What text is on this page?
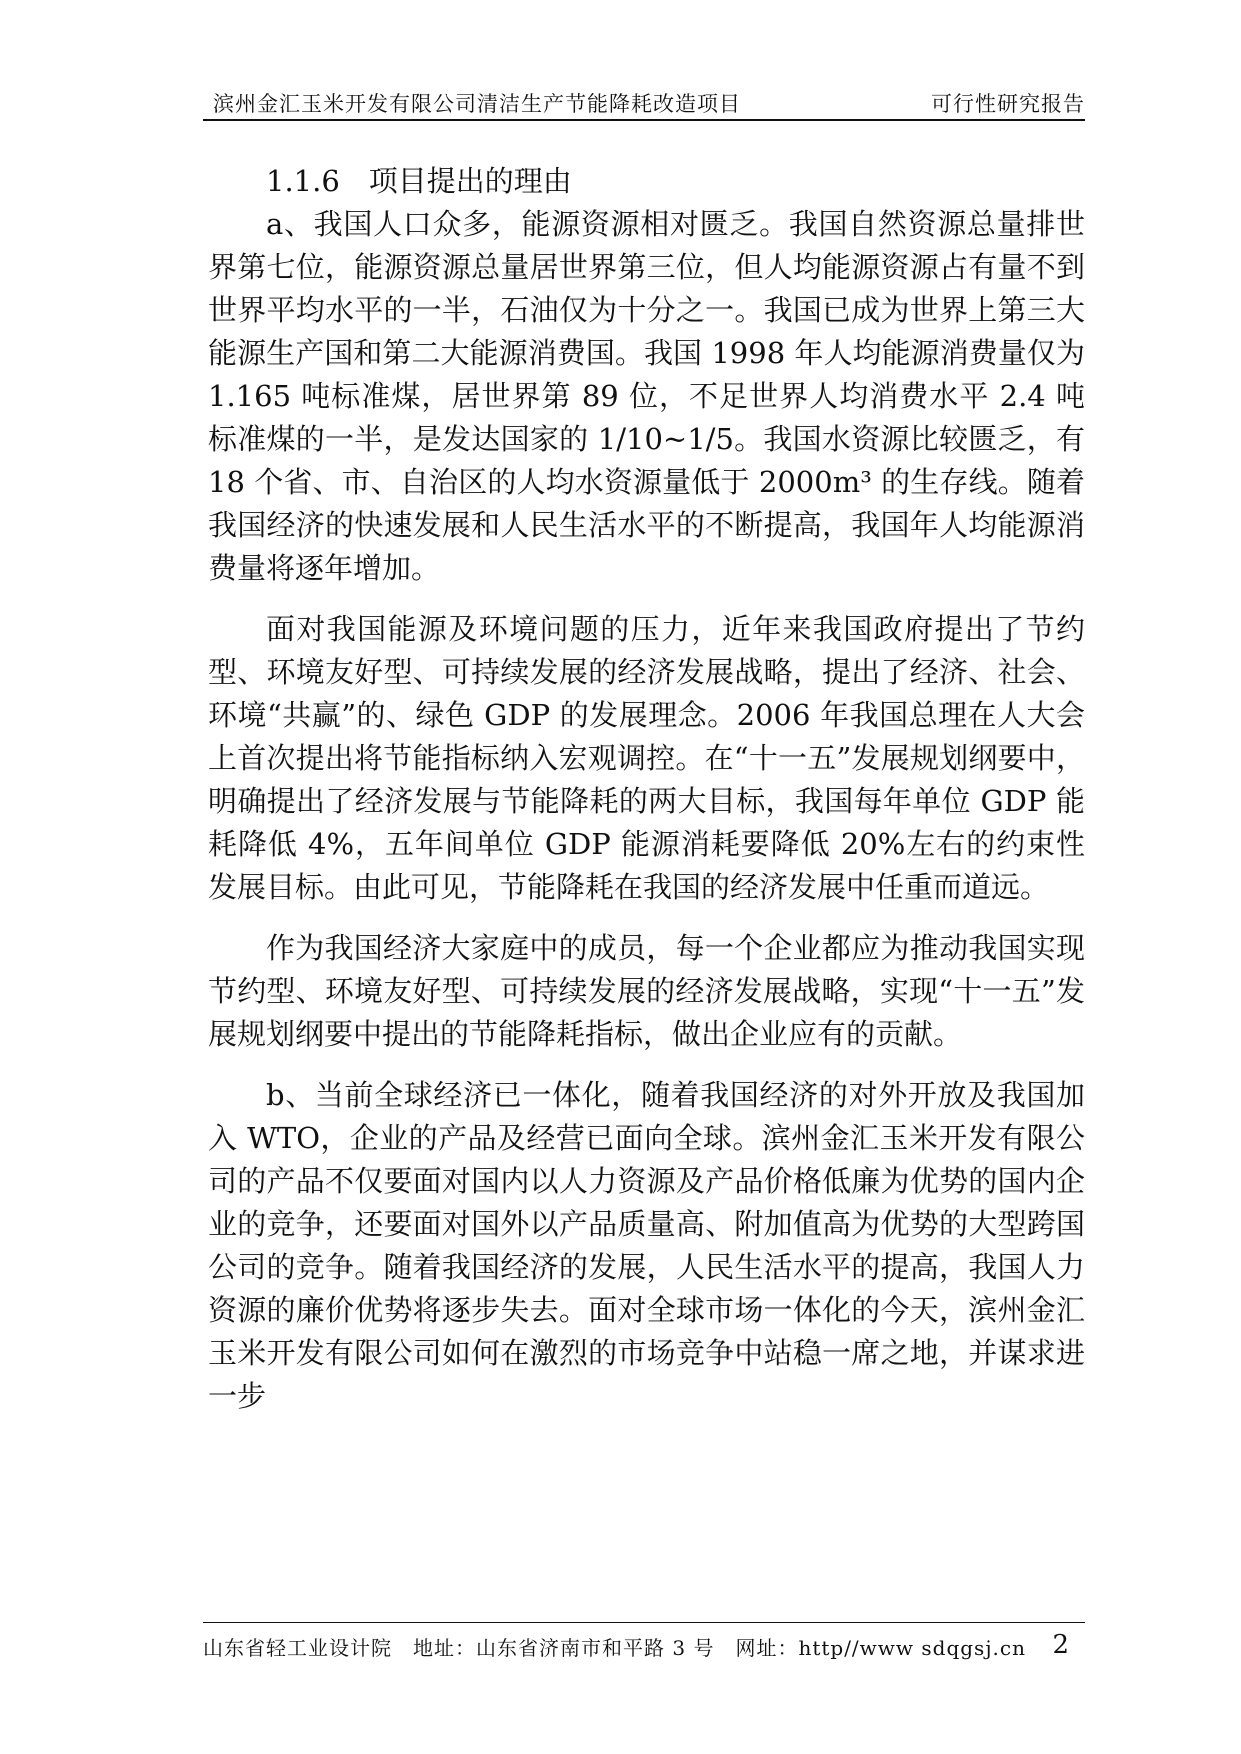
滨州金汇玉米开发有限公司清洁生产节能降耗改造项目	可行性研究报告

1.1.6　项目提出的理由

a、我国人口众多，能源资源相对匮乏。我国自然资源总量排世界第七位，能源资源总量居世界第三位，但人均能源资源占有量不到世界平均水平的一半，石油仅为十分之一。我国已成为世界上第三大能源生产国和第二大能源消费国。我国 1998 年人均能源消费量仅为 1.165 吨标准煤，居世界第 89 位，不足世界人均消费水平 2.4 吨标准煤的一半，是发达国家的 1/10~1/5。我国水资源比较匮乏，有 18 个省、市、自治区的人均水资源量低于 2000m³ 的生存线。随着我国经济的快速发展和人民生活水平的不断提高，我国年人均能源消费量将逐年增加。

面对我国能源及环境问题的压力，近年来我国政府提出了节约型、环境友好型、可持续发展的经济发展战略，提出了经济、社会、环境“共赢”的、绿色 GDP 的发展理念。2006 年我国总理在人大会上首次提出将节能指标纳入宏观调控。在“十一五”发展规划纲要中，明确提出了经济发展与节能降耗的两大目标，我国每年单位 GDP 能耗降低 4%，五年间单位 GDP 能源消耗要降低 20%左右的约束性发展目标。由此可见，节能降耗在我国的经济发展中任重而道远。

作为我国经济大家庭中的成员，每一个企业都应为推动我国实现节约型、环境友好型、可持续发展的经济发展战略，实现“十一五”发展规划纲要中提出的节能降耗指标，做出企业应有的贡献。

b、当前全球经济已一体化，随着我国经济的对外开放及我国加入 WTO，企业的产品及经营已面向全球。滨州金汇玉米开发有限公司的产品不仅要面对国内以人力资源及产品价格低廉为优势的国内企业的竞争，还要面对国外以产品质量高、附加值高为优势的大型跨国公司的竞争。随着我国经济的发展，人民生活水平的提高，我国人力资源的廉价优势将逐步失去。面对全球市场一体化的今天，滨州金汇玉米开发有限公司如何在激烈的市场竞争中站稳一席之地，并谋求进一步

山东省轻工业设计院　地址：山东省济南市和平路 3 号　网址：http//www sdqgsj.cn 2
